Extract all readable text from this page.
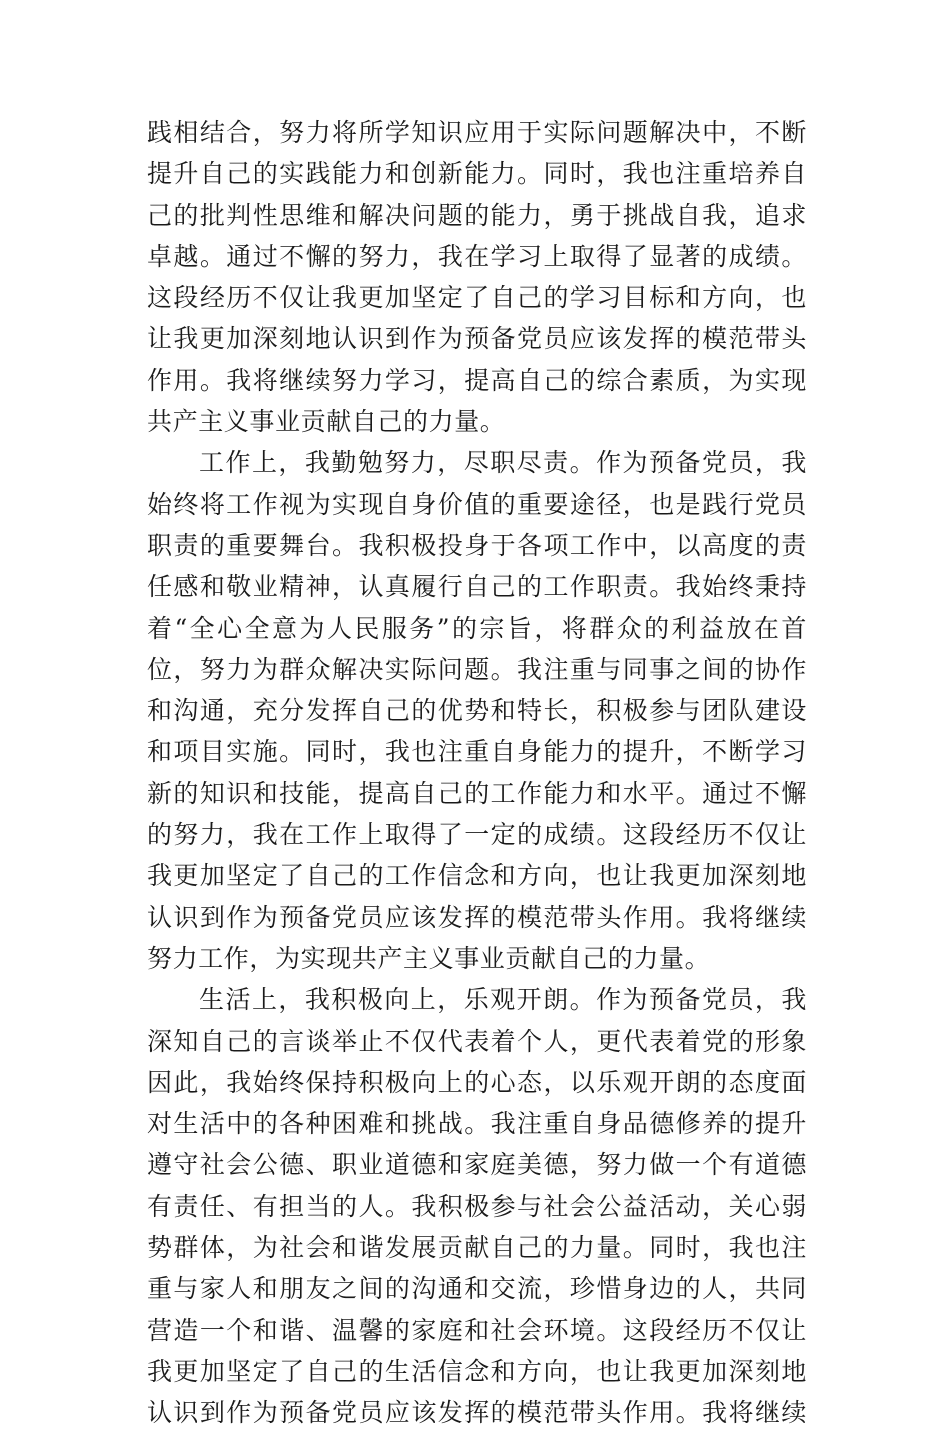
践相结合，努力将所学知识应用于实际问题解决中，不断
提升自己的实践能力和创新能力。同时，我也注重培养自
己的批判性思维和解决问题的能力，勇于挑战自我，追求
卓越。通过不懈的努力，我在学习上取得了显著的成绩。
这段经历不仅让我更加坚定了自己的学习目标和方向，也
让我更加深刻地认识到作为预备党员应该发挥的模范带头
作用。我将继续努力学习，提高自己的综合素质，为实现
共产主义事业贡献自己的力量。
工作上，我勤勉努力，尽职尽责。作为预备党员，我
始终将工作视为实现自身价值的重要途径，也是践行党员
职责的重要舞台。我积极投身于各项工作中，以高度的责
任感和敬业精神，认真履行自己的工作职责。我始终秉持
着“全心全意为人民服务”的宗旨，将群众的利益放在首
位，努力为群众解决实际问题。我注重与同事之间的协作
和沟通，充分发挥自己的优势和特长，积极参与团队建设
和项目实施。同时，我也注重自身能力的提升，不断学习
新的知识和技能，提高自己的工作能力和水平。通过不懈
的努力，我在工作上取得了一定的成绩。这段经历不仅让
我更加坚定了自己的工作信念和方向，也让我更加深刻地
认识到作为预备党员应该发挥的模范带头作用。我将继续
努力工作，为实现共产主义事业贡献自己的力量。
生活上，我积极向上，乐观开朗。作为预备党员，我
深知自己的言谈举止不仅代表着个人，更代表着党的形象
因此，我始终保持积极向上的心态，以乐观开朗的态度面
对生活中的各种困难和挑战。我注重自身品德修养的提升
遵守社会公德、职业道德和家庭美德，努力做一个有道德
有责任、有担当的人。我积极参与社会公益活动，关心弱
势群体，为社会和谐发展贡献自己的力量。同时，我也注
重与家人和朋友之间的沟通和交流，珍惜身边的人，共同
营造一个和谐、温馨的家庭和社会环境。这段经历不仅让
我更加坚定了自己的生活信念和方向，也让我更加深刻地
认识到作为预备党员应该发挥的模范带头作用。我将继续
